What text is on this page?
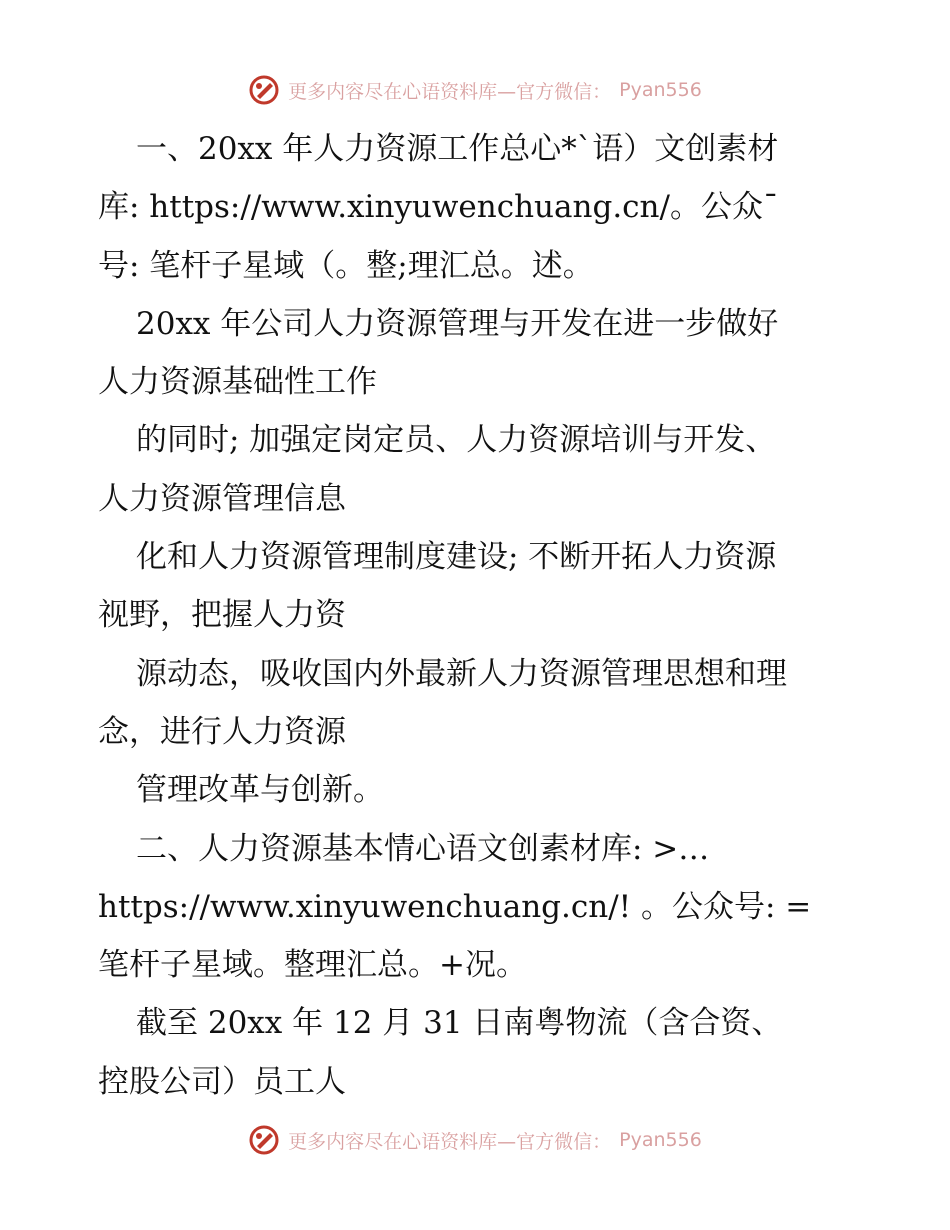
更多内容尽在心语资料库—官方微信： Pyan556
一、20xx 年人力资源工作总心*`语）文创素材
库: https://www.xinyuwenchuang.cn/。公众¯
号: 笔杆子星域（。整;理汇总。述。
20xx 年公司人力资源管理与开发在进一步做好
人力资源基础性工作
的同时; 加强定岗定员、人力资源培训与开发、
人力资源管理信息
化和人力资源管理制度建设; 不断开拓人力资源
视野，把握人力资
源动态，吸收国内外最新人力资源管理思想和理
念，进行人力资源
管理改革与创新。
二、人力资源基本情心语文创素材库: >…
https://www.xinyuwenchuang.cn/! 。公众号: =
笔杆子星域。整理汇总。+况。
截至 20xx 年 12 月 31 日南粤物流（含合资、
控股公司）员工人
更多内容尽在心语资料库—官方微信： Pyan556
